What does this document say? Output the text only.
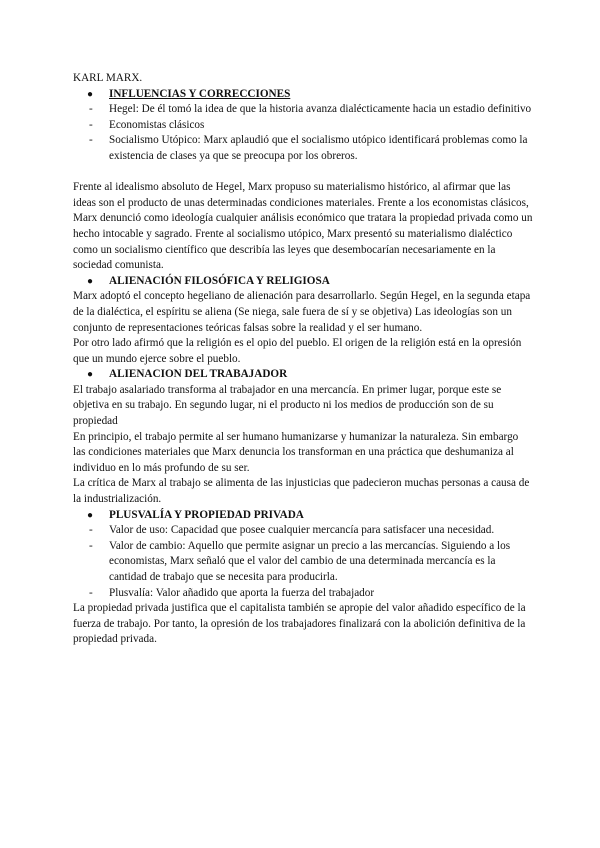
KARL MARX.

● INFLUENCIAS Y CORRECCIONES
- Hegel: De él tomó la idea de que la historia avanza dialécticamente hacia un estadio definitivo
- Economistas clásicos
- Socialismo Utópico: Marx aplaudió que el socialismo utópico identificará problemas como la existencia de clases ya que se preocupa por los obreros.

Frente al idealismo absoluto de Hegel, Marx propuso su materialismo histórico, al afirmar que las ideas son el producto de unas determinadas condiciones materiales. Frente a los economistas clásicos, Marx denunció como ideología cualquier análisis económico que tratara la propiedad privada como un hecho intocable y sagrado. Frente al socialismo utópico, Marx presentó su materialismo dialéctico como un socialismo científico que describía las leyes que desembocarían necesariamente en la sociedad comunista.

● ALIENACIÓN FILOSÓFICA Y RELIGIOSA

Marx adoptó el concepto hegeliano de alienación para desarrollarlo. Según Hegel, en la segunda etapa de la dialéctica, el espíritu se aliena (Se niega, sale fuera de sí y se objetiva) Las ideologías son un conjunto de representaciones teóricas falsas sobre la realidad y el ser humano.

Por otro lado afirmó que la religión es el opio del pueblo. El origen de la religión está en la opresión que un mundo ejerce sobre el pueblo.

● ALIENACION DEL TRABAJADOR

El trabajo asalariado transforma al trabajador en una mercancía. En primer lugar, porque este se objetiva en su trabajo. En segundo lugar, ni el producto ni los medios de producción son de su propiedad

En principio, el trabajo permite al ser humano humanizarse y humanizar la naturaleza. Sin embargo las condiciones materiales que Marx denuncia los transforman en una práctica que deshumaniza al individuo en lo más profundo de su ser.

La crítica de Marx al trabajo se alimenta de las injusticias que padecieron muchas personas a causa de la industrialización.

● PLUSVALÍA Y PROPIEDAD PRIVADA
- Valor de uso: Capacidad que posee cualquier mercancía para satisfacer una necesidad.
- Valor de cambio: Aquello que permite asignar un precio a las mercancías. Siguiendo a los economistas, Marx señaló que el valor del cambio de una determinada mercancía es la cantidad de trabajo que se necesita para producirla.
- Plusvalía: Valor añadido que aporta la fuerza del trabajador

La propiedad privada justifica que el capitalista también se apropie del valor añadido específico de la fuerza de trabajo. Por tanto, la opresión de los trabajadores finalizará con la abolición definitiva de la propiedad privada.
